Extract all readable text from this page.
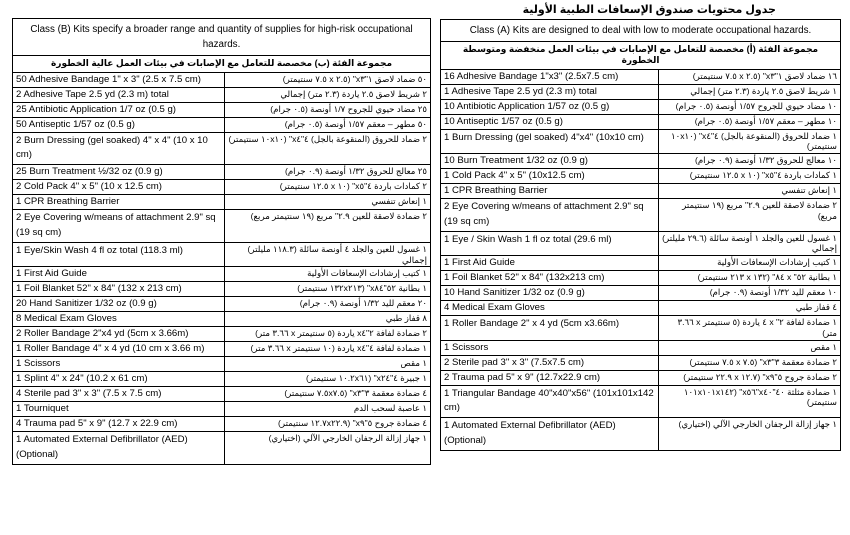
جدول محتويات صندوق الإسعافات الطبية الأولية
Class (B) Kits specify a broader range and quantity of supplies for high-risk occupational hazards.	
مجموعة الفئة (ب) مخصصة للتعامل مع الإصابات في بيئات العمل عالية الخطورة	
50 Adhesive Bandage 1" x 3" (2.5 x 7.5 cm)	٥٠ ضماد لاصق ١"x٣" (٢.٥ x ٧.٥ سنتيمتر)
2 Adhesive Tape 2.5 yd (2.3 m) total	٢ شريط لاصق ٢.٥ ياردة (٢.٣ متر) إجمالي
25 Antibiotic Application 1/7 oz (0.5 g)	٢٥ مضاد حيوي للجروح ١/٧ أونصة (٠.٥ جرام)
50 Antiseptic 1/57 oz (0.5 g)	٥٠ مطهر – معقم ١/٥٧ أونصة (٠.٥ جرام)
2 Burn Dressing (gel soaked) 4" x 4" (10 x 10 cm)	٢ ضماد للحروق (المنقوعة بالجل) ٤"x٤" (١٠x١٠ سنتيمتر)
25 Burn Treatment ½/32 oz (0.9 g)	٢٥ معالج للحروق ١/٣٢ أونصة (٠.٩ جرام)
2 Cold Pack 4" x 5" (10 x 12.5 cm)	٢ كمادات باردة ٤"x٥" (١٠ x ١٢.٥ سنتيمتر)
1 CPR Breathing Barrier	١ إنعاش تنفسي
2 Eye Covering w/means of attachment 2.9" sq (19 sq cm)	٢ ضمادة لاصقة للعين ٢.٩" مربع (١٩ سنتيمتر مربع)
1 Eye/Skin Wash 4 fl oz total (118.3 ml)	١ غسول للعين والجلد ٤ أونصة سائلة (١١٨.٣ مليلتر) إجمالي
1 First Aid Guide	١ كتيب إرشادات الإسعافات الأولية
1 Foil Blanket 52" x 84" (132 x 213 cm)	١ بطانية ٥٢"x٨٤" (١٣٢x٢١٣ سنتيمتر)
20 Hand Sanitizer 1/32 oz (0.9 g)	٢٠ معقم لليد ١/٣٢ أونصة (٠.٩ جرام)
8 Medical Exam Gloves	٨ قفاز طبي
2 Roller Bandage 2"x4 yd (5cm x 3.66m)	٢ ضمادة لفافة ٢"x٤ ياردة (٥ سنتيمتر x ٣.٦٦ متر)
1 Roller Bandage 4" x 4 yd (10 cm x 3.66 m)	١ ضمادة لفافة ٤"x٤ ياردة (١٠ سنتيمتر x ٣.٦٦ متر)
1 Scissors	١ مقص
1 Splint 4" x 24" (10.2 x 61 cm)	١ جبيرة ٤"x٢٤" (١٠.٢x٦١ سنتيمتر)
4 Sterile pad 3" x 3" (7.5 x 7.5 cm)	٤ ضمادة معقمة ٣"x٣" (٧.٥x٧.٥ سنتيمتر)
1 Tourniquet	١ عاصبة لسحب الدم
4 Trauma pad 5" x 9" (12.7 x 22.9 cm)	٤ ضمادة جروح ٥"x٩" (١٢.٧x٢٢.٩ سنتيمتر)
1 Automated External Defibrillator (AED) (Optional)	١ جهاز إزالة الرجفان الخارجي الآلي (اختياري)
Class (A) Kits are designed to deal with low to moderate occupational hazards.	
مجموعة الفئة (أ) مخصصة للتعامل مع الإصابات في بيئات العمل منخفضة ومتوسطة الخطورة	
16 Adhesive Bandage 1"x3" (2.5x7.5 cm)	١٦ ضماد لاصق ١"x٣" (٢.٥ x ٧.٥ سنتيمتر)
1 Adhesive Tape 2.5 yd (2.3 m) total	١ شريط لاصق ٢.٥ ياردة (٢.٣ متر) إجمالي
10 Antibiotic Application 1/57 oz (0.5 g)	١٠ مضاد حيوي للجروح ١/٥٧ أونصة (٠.٥ جرام)
10 Antiseptic 1/57 oz (0.5 g)	١٠ مطهر – معقم ١/٥٧ أونصة (٠.٥ جرام)
1 Burn Dressing (gel soaked) 4"x4" (10x10 cm)	١ ضماد للحروق (المنقوعة بالجل) ٤"x٤" (١٠x١٠ سنتيمتر)
10 Burn Treatment 1/32 oz (0.9 g)	١٠ معالج للحروق ١/٣٢ أونصة (٠.٩ جرام)
1 Cold Pack 4" x 5" (10x12.5 cm)	١ كمادات باردة ٤"x٥" (١٠ x ١٢.٥ سنتيمتر)
1 CPR Breathing Barrier	١ إنعاش تنفسي
2 Eye Covering w/means of attachment 2.9" sq (19 sq cm)	٢ ضمادة لاصقة للعين ٢.٩" مربع (١٩ سنتيمتر مربع)
1 Eye / Skin Wash 1 fl oz total (29.6 ml)	١ غسول للعين والجلد ١ أونصة سائلة (٢٩.٦ مليلتر) إجمالي
1 First Aid Guide	١ كتيب إرشادات الإسعافات الأولية
1 Foil Blanket 52" x 84" (132x213 cm)	١ بطانية ٥٢" x ٨٤" (١٣٢ x ٢١٣ سنتيمتر)
10 Hand Sanitizer 1/32 oz (0.9 g)	١٠ معقم لليد ١/٣٢ أونصة (٠.٩ جرام)
4 Medical Exam Gloves	٤ قفاز طبي
1 Roller Bandage 2" x 4 yd (5cm x3.66m)	١ ضمادة لفافة ٢" x ٤ ياردة (٥ سنتيمتر x ٣.٦٦ متر)
1 Scissors	١ مقص
2 Sterile pad 3" x 3" (7.5x7.5 cm)	٢ ضمادة معقمة ٣"x٣" (٧.٥ x ٧.٥ سنتيمتر)
2 Trauma pad 5" x 9" (12.7x22.9 cm)	٢ ضمادة جروح ٥"x٩" (١٢.٧ x ٢٢.٩ سنتيمتر)
1 Triangular Bandage 40"x40"x56" (101x101x142 cm)	١ ضمادة مثلثة ٤٠"x٤٠"x٥٦" (١٠١x١٠١x١٤٢ سنتيمتر)
1 Automated External Defibrillator (AED) (Optional)	١ جهاز إزالة الرجفان الخارجي الآلي (اختياري)
